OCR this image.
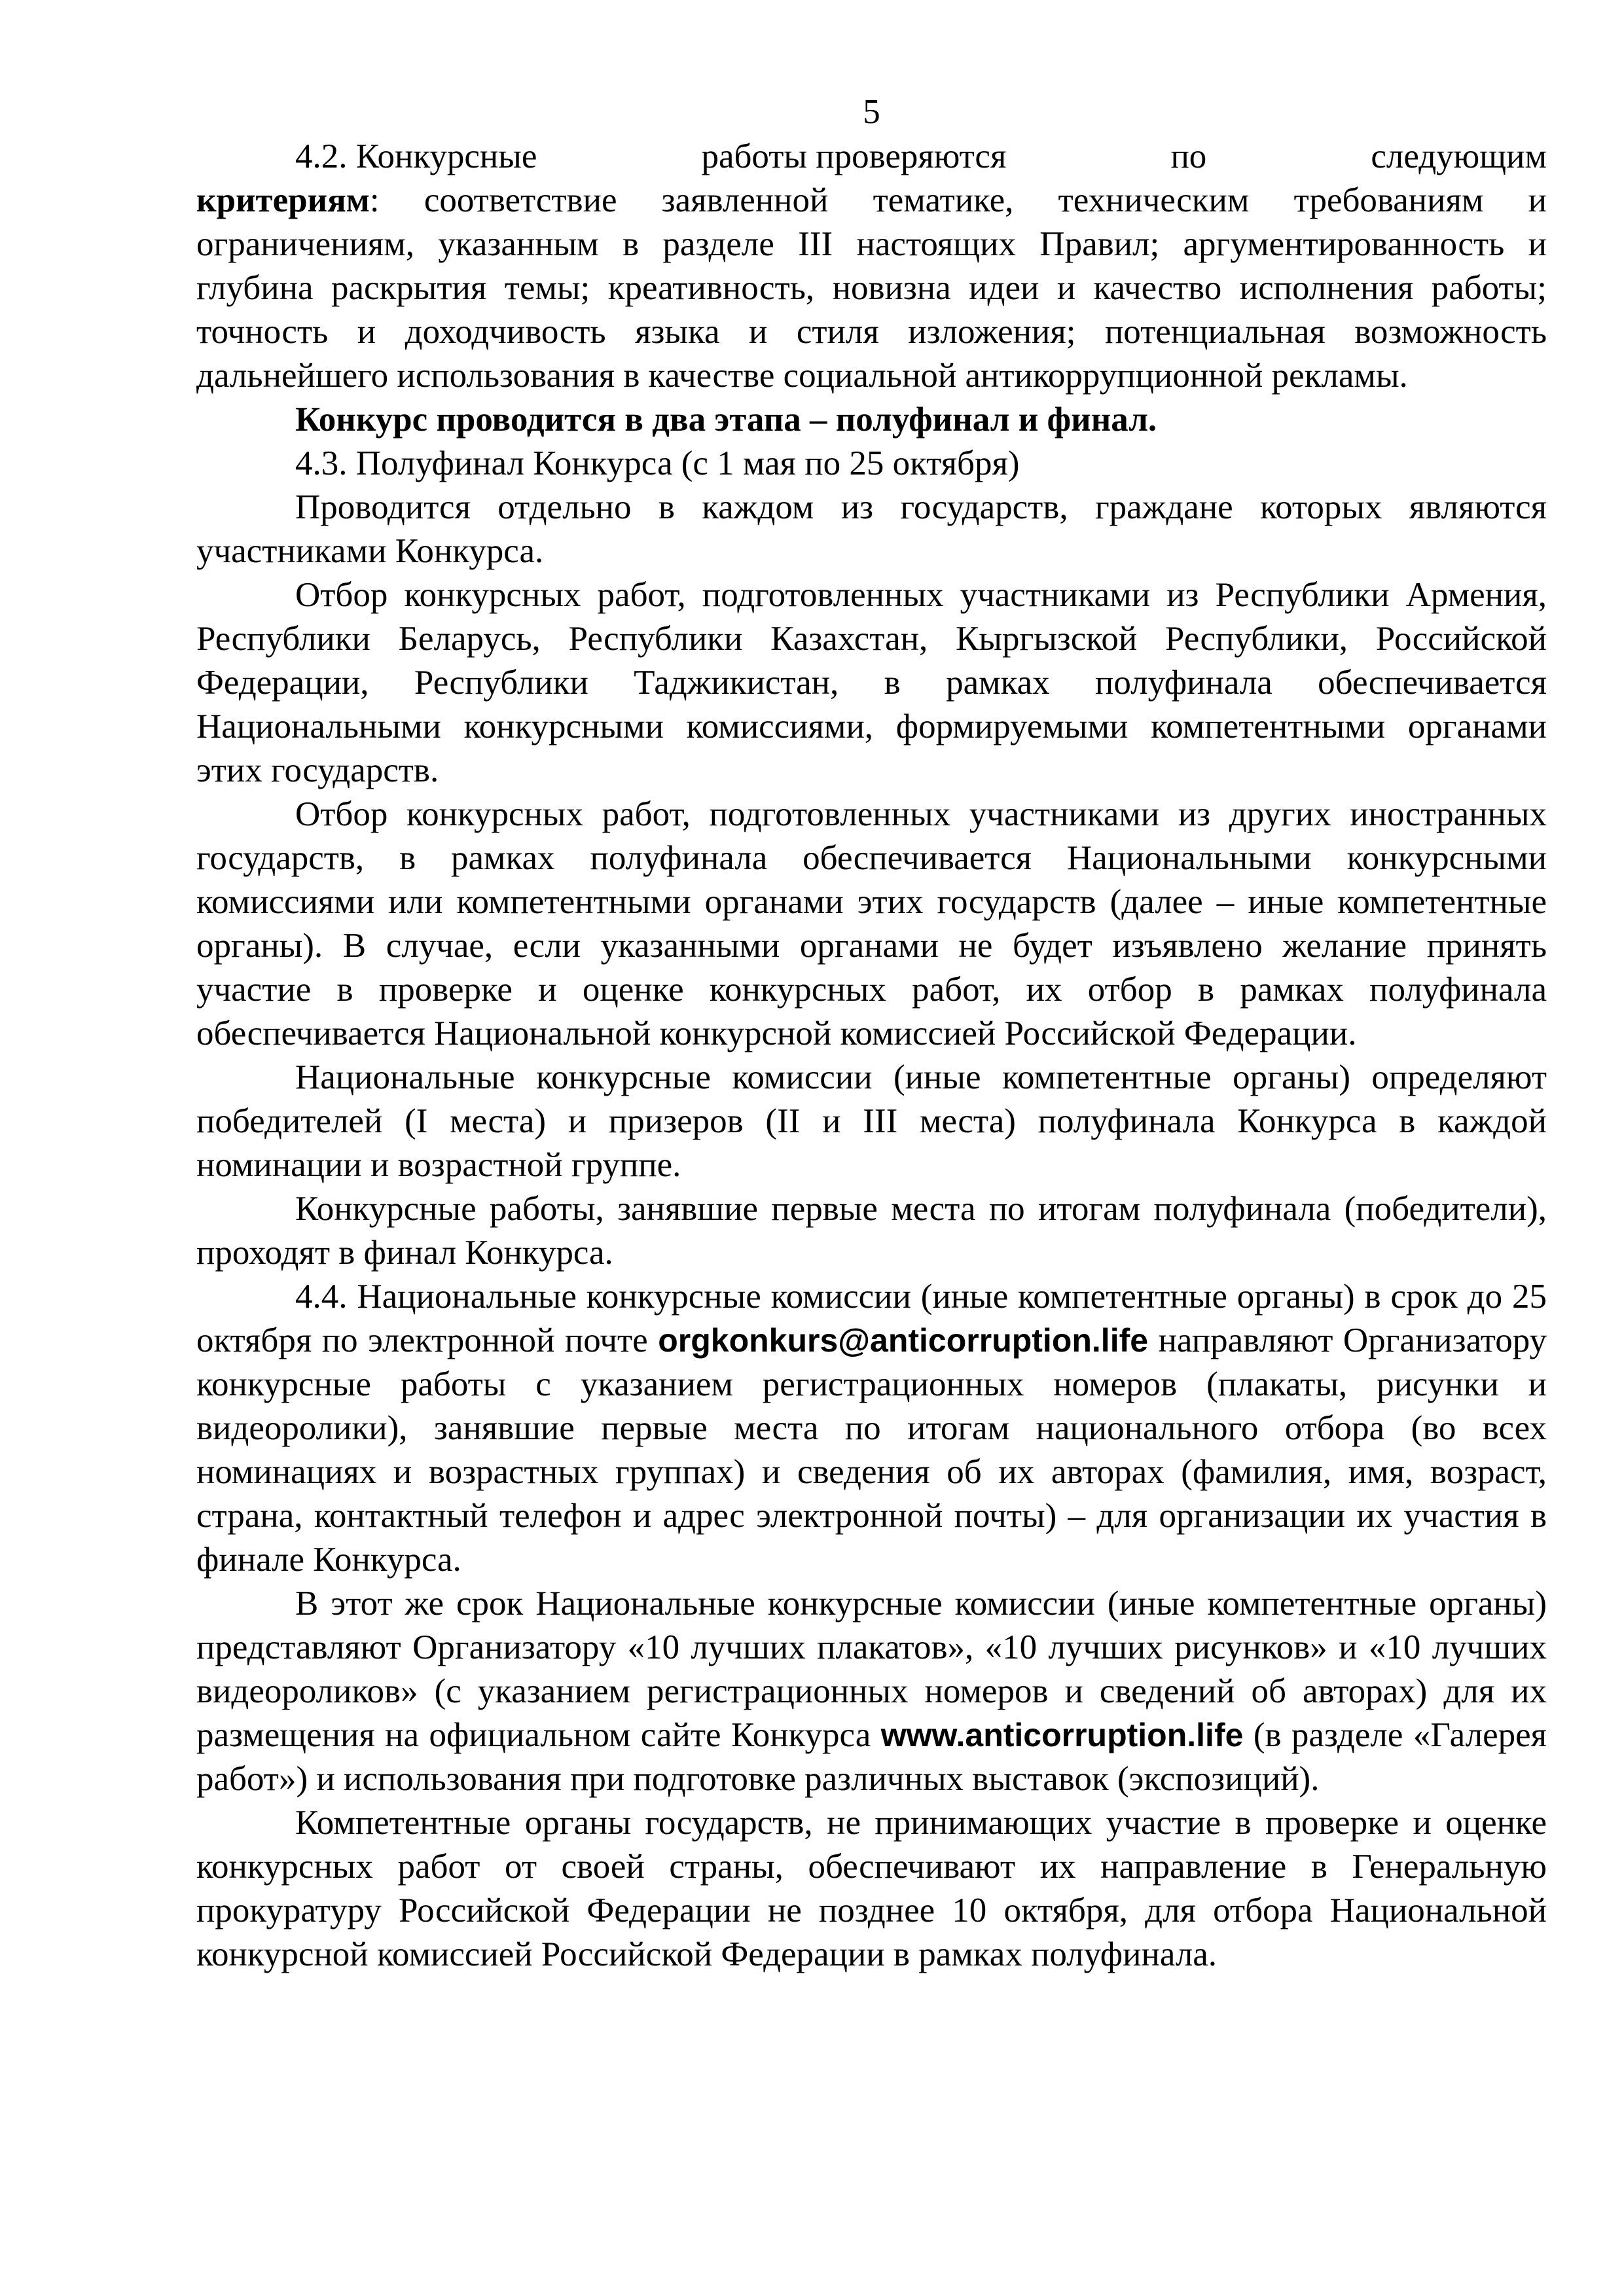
5

4.2. Конкурсные	работы проверяются	по	следующим

критериям: соответствие заявленной тематике, техническим требованиям и ограничениям, указанным в разделе III настоящих Правил; аргументированность и глубина раскрытия темы; креативность, новизна идеи и качество исполнения работы; точность и доходчивость языка и стиля изложения; потенциальная возможность дальнейшего использования в качестве социальной антикоррупционной рекламы.

Конкурс проводится в два этапа – полуфинал и финал.

4.3. Полуфинал Конкурса (с 1 мая по 25 октября)

Проводится отдельно в каждом из государств, граждане которых являются участниками Конкурса.

Отбор конкурсных работ, подготовленных участниками из Республики Армения, Республики Беларусь, Республики Казахстан, Кыргызской Республики, Российской Федерации, Республики Таджикистан, в рамках полуфинала обеспечивается Национальными конкурсными комиссиями, формируемыми компетентными органами этих государств.

Отбор конкурсных работ, подготовленных участниками из других иностранных государств, в рамках полуфинала обеспечивается Национальными конкурсными комиссиями или компетентными органами этих государств (далее – иные компетентные органы). В случае, если указанными органами не будет изъявлено желание принять участие в проверке и оценке конкурсных работ, их отбор в рамках полуфинала обеспечивается Национальной конкурсной комиссией Российской Федерации.

Национальные конкурсные комиссии (иные компетентные органы) определяют победителей (I места) и призеров (II и III места) полуфинала Конкурса в каждой номинации и возрастной группе.

Конкурсные работы, занявшие первые места по итогам полуфинала (победители), проходят в финал Конкурса.

4.4. Национальные конкурсные комиссии (иные компетентные органы) в срок до 25 октября по электронной почте orgkonkurs@anticorruption.life направляют Организатору конкурсные работы с указанием регистрационных номеров (плакаты, рисунки и видеоролики), занявшие первые места по итогам национального отбора (во всех номинациях и возрастных группах) и сведения об их авторах (фамилия, имя, возраст, страна, контактный телефон и адрес электронной почты) – для организации их участия в финале Конкурса.

В этот же срок Национальные конкурсные комиссии (иные компетентные органы) представляют Организатору «10 лучших плакатов», «10 лучших рисунков» и «10 лучших видеороликов» (с указанием регистрационных номеров и сведений об авторах) для их размещения на официальном сайте Конкурса www.anticorruption.life (в разделе «Галерея работ») и использования при подготовке различных выставок (экспозиций).

Компетентные органы государств, не принимающих участие в проверке и оценке конкурсных работ от своей страны, обеспечивают их направление в Генеральную прокуратуру Российской Федерации не позднее 10 октября, для отбора Национальной конкурсной комиссией Российской Федерации в рамках полуфинала.
